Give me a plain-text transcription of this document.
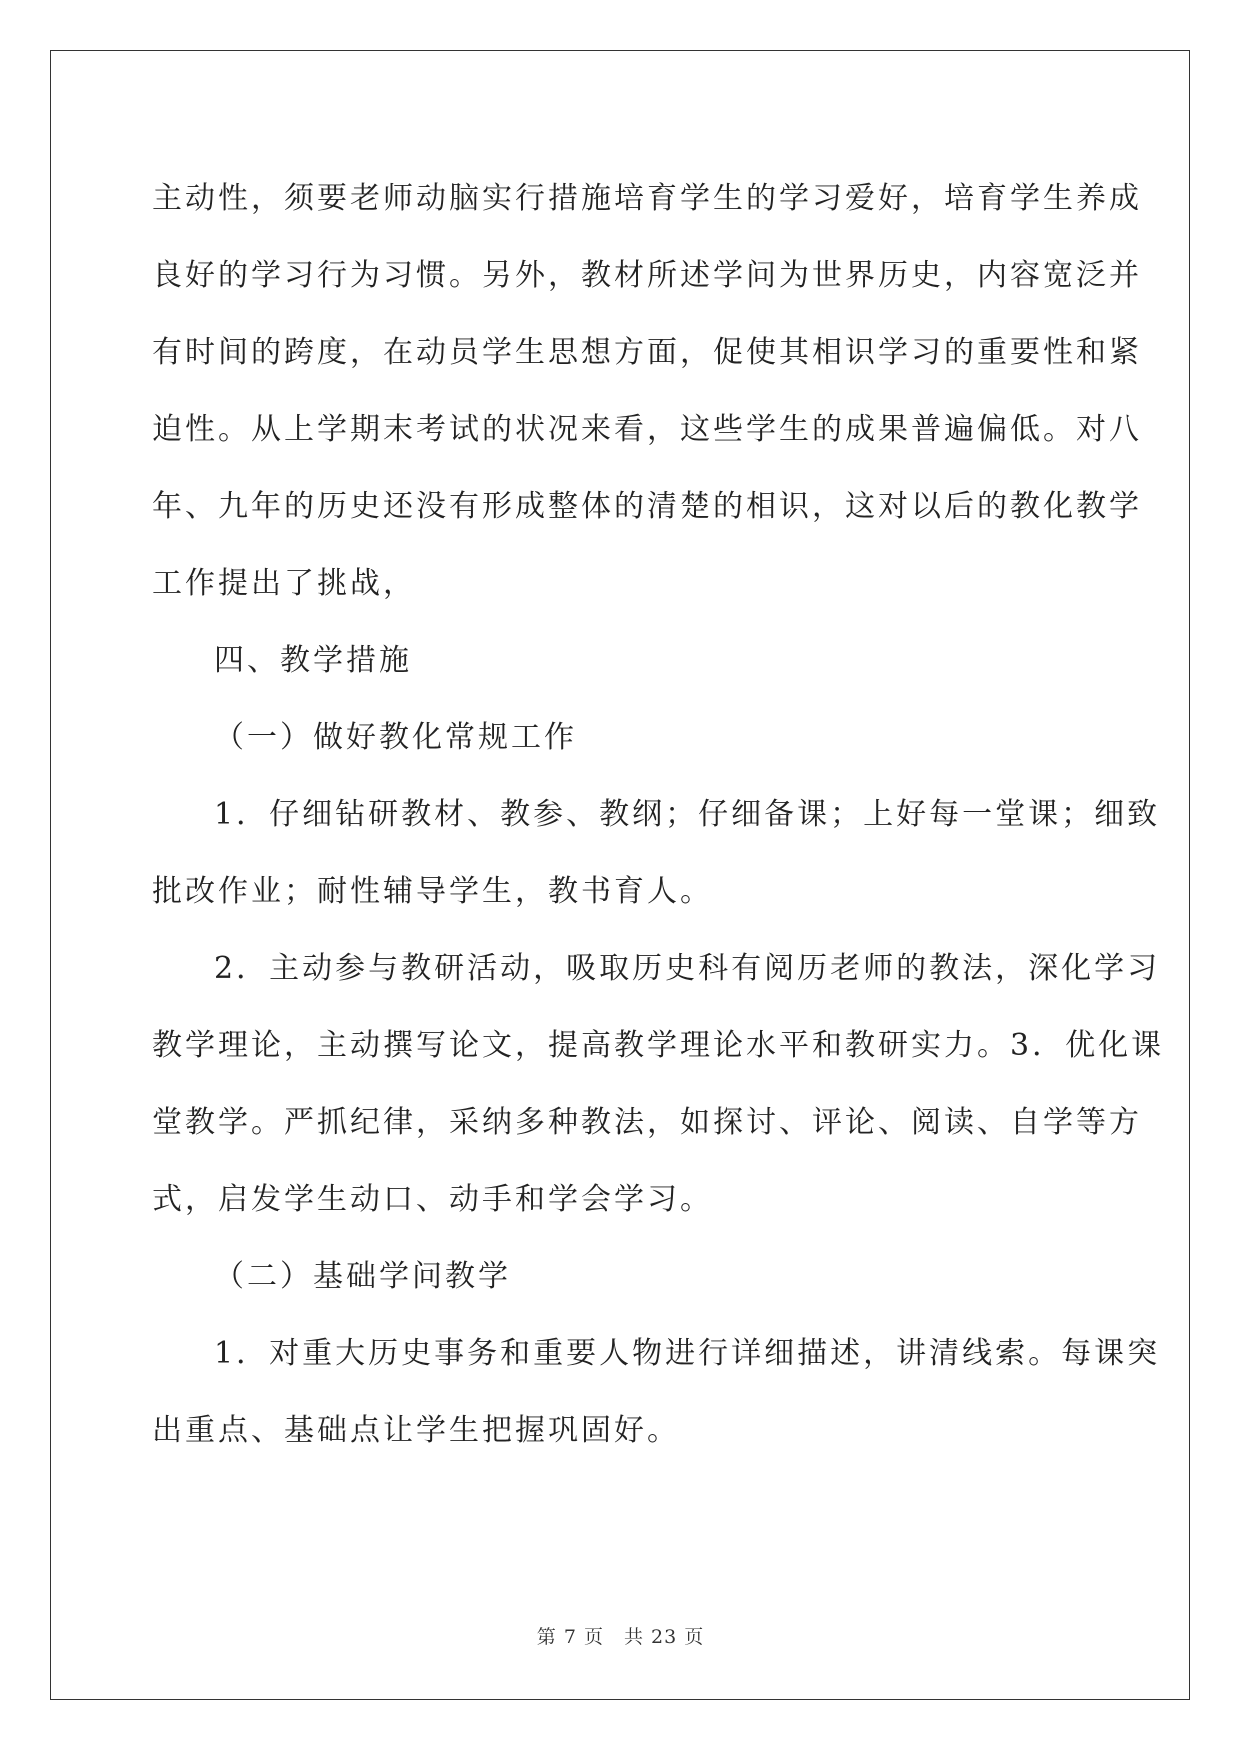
主动性，须要老师动脑实行措施培育学生的学习爱好，培育学生养成
良好的学习行为习惯。另外，教材所述学问为世界历史，内容宽泛并
有时间的跨度，在动员学生思想方面，促使其相识学习的重要性和紧
迫性。从上学期末考试的状况来看，这些学生的成果普遍偏低。对八
年、九年的历史还没有形成整体的清楚的相识，这对以后的教化教学
工作提出了挑战，
四、教学措施
（一）做好教化常规工作
1．仔细钻研教材、教参、教纲；仔细备课；上好每一堂课；细致
批改作业；耐性辅导学生，教书育人。
2．主动参与教研活动，吸取历史科有阅历老师的教法，深化学习
教学理论，主动撰写论文，提高教学理论水平和教研实力。3．优化课
堂教学。严抓纪律，采纳多种教法，如探讨、评论、阅读、自学等方
式，启发学生动口、动手和学会学习。
（二）基础学问教学
1．对重大历史事务和重要人物进行详细描述，讲清线索。每课突
出重点、基础点让学生把握巩固好。
第 7 页　共 23 页
